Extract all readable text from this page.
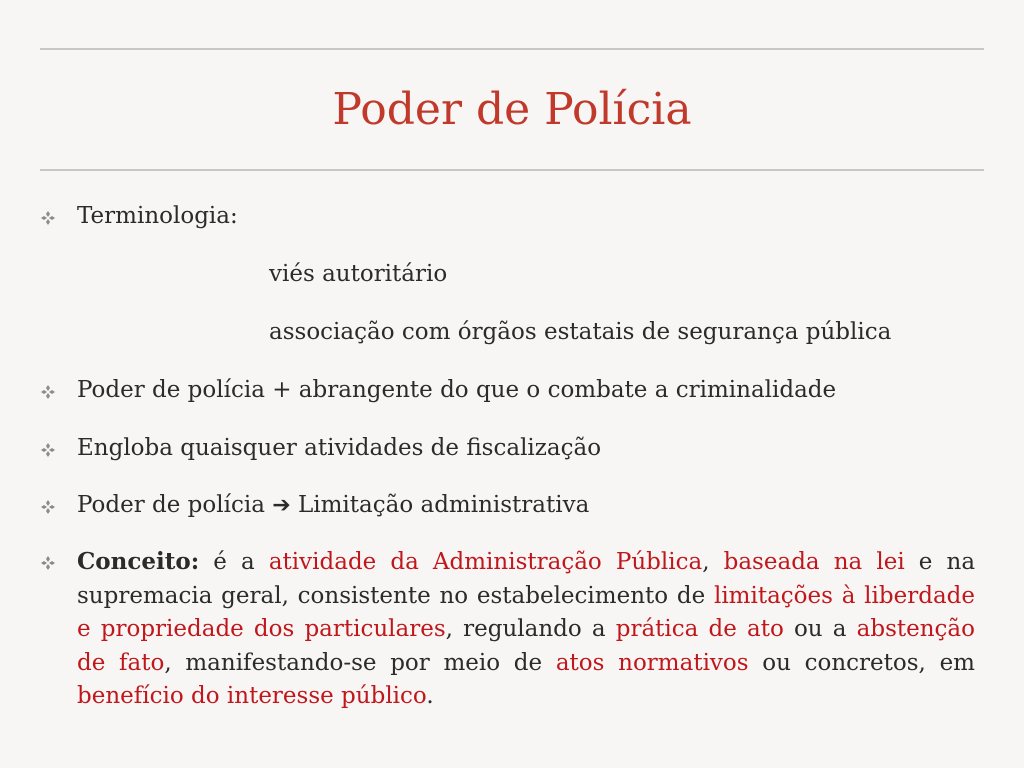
Poder de Polícia
Terminologia:
viés autoritário
associação com órgãos estatais de segurança pública
Poder de polícia + abrangente do que o combate a criminalidade
Engloba quaisquer atividades de fiscalização
Poder de polícia ➔ Limitação administrativa
Conceito: é a atividade da Administração Pública, baseada na lei e na supremacia geral, consistente no estabelecimento de limitações à liberdade e propriedade dos particulares, regulando a prática de ato ou a abstenção de fato, manifestando-se por meio de atos normativos ou concretos, em benefício do interesse público.
